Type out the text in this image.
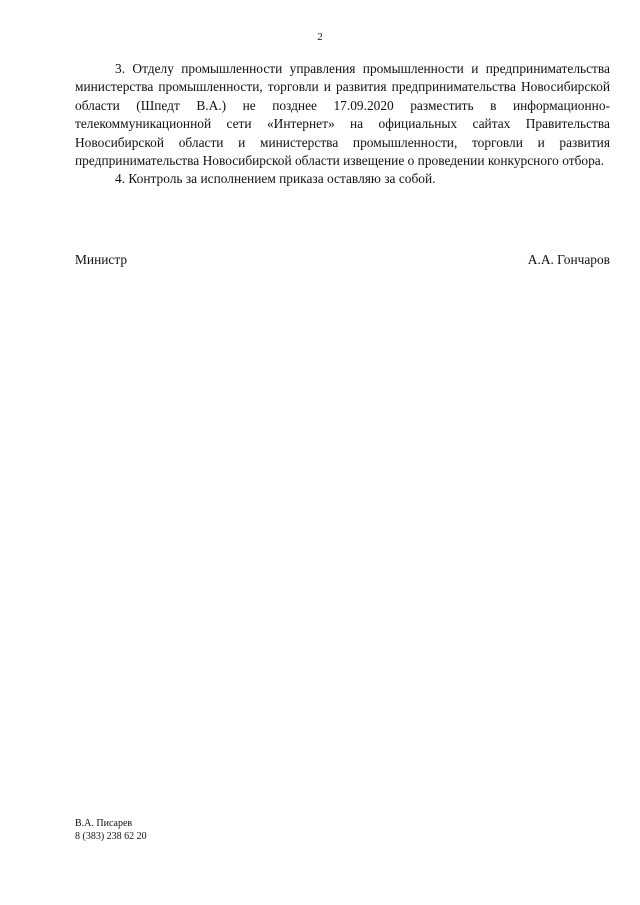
2

3. Отделу промышленности управления промышленности и предпринимательства министерства промышленности, торговли и развития предпринимательства Новосибирской области (Шпедт В.А.) не позднее 17.09.2020 разместить в информационно-телекоммуникационной сети «Интернет» на официальных сайтах Правительства Новосибирской области и министерства промышленности, торговли и развития предпринимательства Новосибирской области извещение о проведении конкурсного отбора.

4. Контроль за исполнением приказа оставляю за собой.

Министр	А.А. Гончаров
В.А. Писарев
8 (383) 238 62 20
